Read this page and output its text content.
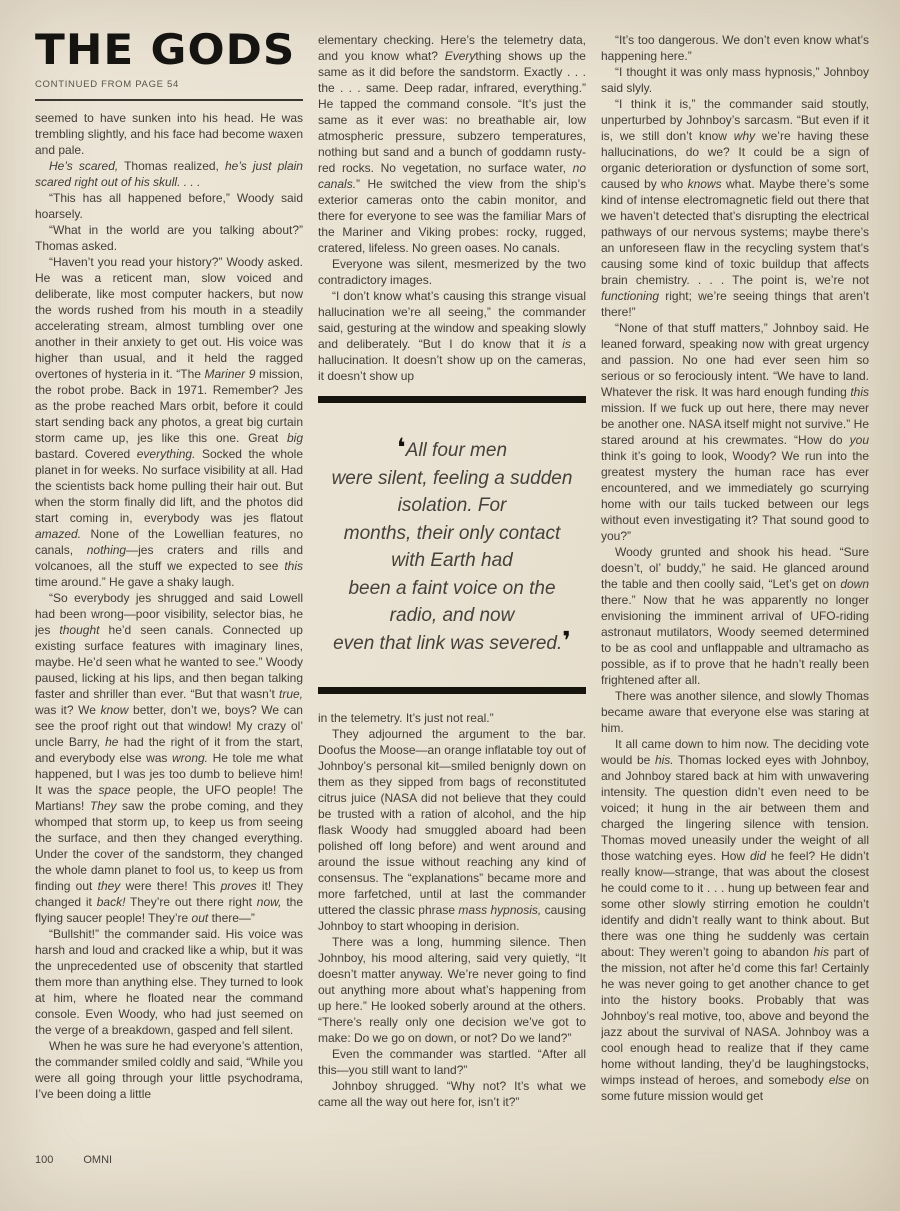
THE GODS
CONTINUED FROM PAGE 54

seemed to have sunken into his head. He was trembling slightly, and his face had become waxen and pale.

He’s scared, Thomas realized, he’s just plain scared right out of his skull. . . .

“This has all happened before,” Woody said hoarsely.

“What in the world are you talking about?” Thomas asked.

“Haven’t you read your history?” Woody asked. He was a reticent man, slow voiced and deliberate, like most computer hackers, but now the words rushed from his mouth in a steadily accelerating stream, almost tumbling over one another in their anxiety to get out. His voice was higher than usual, and it held the ragged overtones of hysteria in it. “The Mariner 9 mission, the robot probe. Back in 1971. Remember? Jes as the probe reached Mars orbit, before it could start sending back any photos, a great big curtain storm came up, jes like this one. Great big bastard. Covered everything. Socked the whole planet in for weeks. No surface visibility at all. Had the scientists back home pulling their hair out. But when the storm finally did lift, and the photos did start coming in, everybody was jes flatout amazed. None of the Lowellian features, no canals, nothing—jes craters and rills and volcanoes, all the stuff we expected to see this time around.” He gave a shaky laugh.

“So everybody jes shrugged and said Lowell had been wrong—poor visibility, selector bias, he jes thought he’d seen canals. Connected up existing surface features with imaginary lines, maybe. He’d seen what he wanted to see.” Woody paused, licking at his lips, and then began talking faster and shriller than ever. “But that wasn’t true, was it? We know better, don’t we, boys? We can see the proof right out that window! My crazy ol’ uncle Barry, he had the right of it from the start, and everybody else was wrong. He tole me what happened, but I was jes too dumb to believe him! It was the space people, the UFO people! The Martians! They saw the probe coming, and they whomped that storm up, to keep us from seeing the surface, and then they changed everything. Under the cover of the sandstorm, they changed the whole damn planet to fool us, to keep us from finding out they were there! This proves it! They changed it back! They’re out there right now, the flying saucer people! They’re out there—”

“Bullshit!” the commander said. His voice was harsh and loud and cracked like a whip, but it was the unprecedented use of obscenity that startled them more than anything else. They turned to look at him, where he floated near the command console. Even Woody, who had just seemed on the verge of a breakdown, gasped and fell silent.

When he was sure he had everyone’s attention, the commander smiled coldly and said, “While you were all going through your little psychodrama, I’ve been doing a little

elementary checking. Here’s the telemetry data, and you know what? Everything shows up the same as it did before the sandstorm. Exactly . . . the . . . same. Deep radar, infrared, everything.” He tapped the command console. “It’s just the same as it ever was: no breathable air, low atmospheric pressure, subzero temperatures, nothing but sand and a bunch of goddamn rusty-red rocks. No vegetation, no surface water, no canals.” He switched the view from the ship’s exterior cameras onto the cabin monitor, and there for everyone to see was the familiar Mars of the Mariner and Viking probes: rocky, rugged, cratered, lifeless. No green oases. No canals.

Everyone was silent, mesmerized by the two contradictory images.

“I don’t know what’s causing this strange visual hallucination we’re all seeing,” the commander said, gesturing at the window and speaking slowly and deliberately. “But I do know that it is a hallucination. It doesn’t show up on the cameras, it doesn’t show up

❛All four men
were silent, feeling a sudden
isolation. For
months, their only contact
with Earth had
been a faint voice on the
radio, and now
even that link was severed.❜

in the telemetry. It’s just not real.”

They adjourned the argument to the bar. Doofus the Moose—an orange inflatable toy out of Johnboy’s personal kit—smiled benignly down on them as they sipped from bags of reconstituted citrus juice (NASA did not believe that they could be trusted with a ration of alcohol, and the hip flask Woody had smuggled aboard had been polished off long before) and went around and around the issue without reaching any kind of consensus. The “explanations” became more and more farfetched, until at last the commander uttered the classic phrase mass hypnosis, causing Johnboy to start whooping in derision.

There was a long, humming silence. Then Johnboy, his mood altering, said very quietly, “It doesn’t matter anyway. We’re never going to find out anything more about what’s happening from up here.” He looked soberly around at the others. “There’s really only one decision we’ve got to make: Do we go on down, or not? Do we land?”

Even the commander was startled. “After all this—you still want to land?”

Johnboy shrugged. “Why not? It’s what we came all the way out here for, isn’t it?”

“It’s too dangerous. We don’t even know what’s happening here.”

“I thought it was only mass hypnosis,” Johnboy said slyly.

“I think it is,” the commander said stoutly, unperturbed by Johnboy’s sarcasm. “But even if it is, we still don’t know why we’re having these hallucinations, do we? It could be a sign of organic deterioration or dysfunction of some sort, caused by who knows what. Maybe there’s some kind of intense electromagnetic field out there that we haven’t detected that’s disrupting the electrical pathways of our nervous systems; maybe there’s an unforeseen flaw in the recycling system that’s causing some kind of toxic buildup that affects brain chemistry. . . . The point is, we’re not functioning right; we’re seeing things that aren’t there!”

“None of that stuff matters,” Johnboy said. He leaned forward, speaking now with great urgency and passion. No one had ever seen him so serious or so ferociously intent. “We have to land. Whatever the risk. It was hard enough funding this mission. If we fuck up out here, there may never be another one. NASA itself might not survive.” He stared around at his crewmates. “How do you think it’s going to look, Woody? We run into the greatest mystery the human race has ever encountered, and we immediately go scurrying home with our tails tucked between our legs without even investigating it? That sound good to you?”

Woody grunted and shook his head. “Sure doesn’t, ol’ buddy,” he said. He glanced around the table and then coolly said, “Let’s get on down there.” Now that he was apparently no longer envisioning the imminent arrival of UFO-riding astronaut mutilators, Woody seemed determined to be as cool and unflappable and ultramacho as possible, as if to prove that he hadn’t really been frightened after all.

There was another silence, and slowly Thomas became aware that everyone else was staring at him.

It all came down to him now. The deciding vote would be his. Thomas locked eyes with Johnboy, and Johnboy stared back at him with unwavering intensity. The question didn’t even need to be voiced; it hung in the air between them and charged the lingering silence with tension. Thomas moved uneasily under the weight of all those watching eyes. How did he feel? He didn’t really know—strange, that was about the closest he could come to it . . . hung up between fear and some other slowly stirring emotion he couldn’t identify and didn’t really want to think about. But there was one thing he suddenly was certain about: They weren’t going to abandon his part of the mission, not after he’d come this far! Certainly he was never going to get another chance to get into the history books. Probably that was Johnboy’s real motive, too, above and beyond the jazz about the survival of NASA. Johnboy was a cool enough head to realize that if they came home without landing, they’d be laughingstocks, wimps instead of heroes, and somebody else on some future mission would get

100	OMNI
